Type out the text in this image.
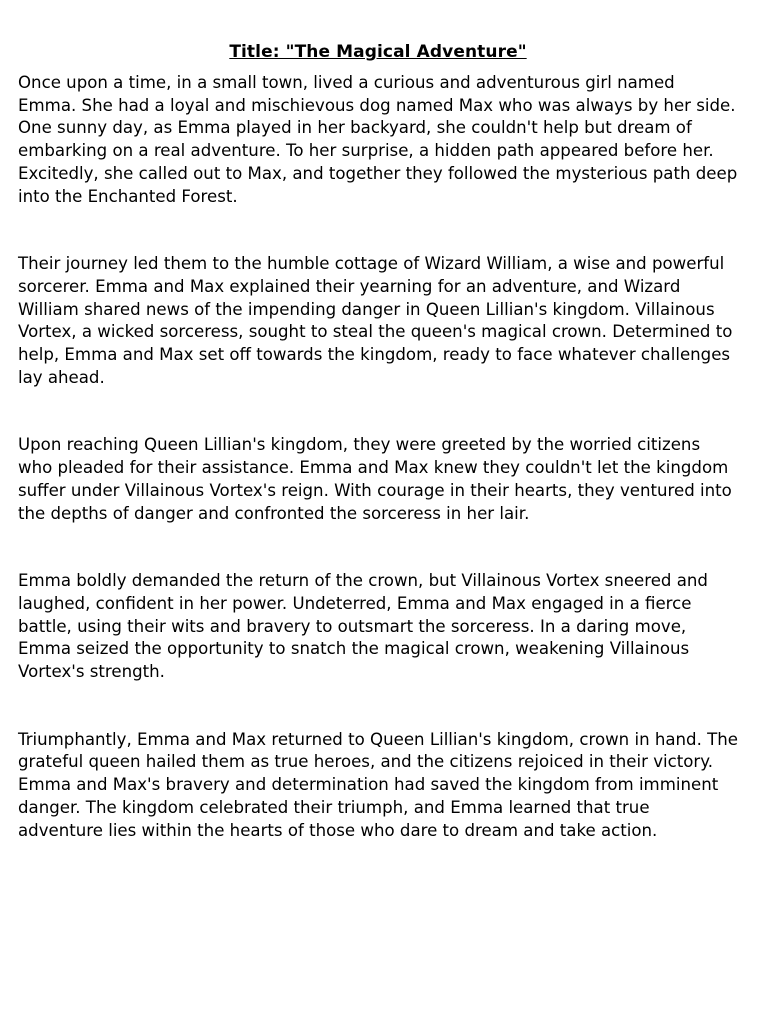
Title: "The Magical Adventure"

Once upon a time, in a small town, lived a curious and adventurous girl named Emma. She had a loyal and mischievous dog named Max who was always by her side. One sunny day, as Emma played in her backyard, she couldn't help but dream of embarking on a real adventure. To her surprise, a hidden path appeared before her. Excitedly, she called out to Max, and together they followed the mysterious path deep into the Enchanted Forest.

Their journey led them to the humble cottage of Wizard William, a wise and powerful sorcerer. Emma and Max explained their yearning for an adventure, and Wizard William shared news of the impending danger in Queen Lillian's kingdom. Villainous Vortex, a wicked sorceress, sought to steal the queen's magical crown. Determined to help, Emma and Max set off towards the kingdom, ready to face whatever challenges lay ahead.

Upon reaching Queen Lillian's kingdom, they were greeted by the worried citizens who pleaded for their assistance. Emma and Max knew they couldn't let the kingdom suffer under Villainous Vortex's reign. With courage in their hearts, they ventured into the depths of danger and confronted the sorceress in her lair.

Emma boldly demanded the return of the crown, but Villainous Vortex sneered and laughed, confident in her power. Undeterred, Emma and Max engaged in a fierce battle, using their wits and bravery to outsmart the sorceress. In a daring move, Emma seized the opportunity to snatch the magical crown, weakening Villainous Vortex's strength.

Triumphantly, Emma and Max returned to Queen Lillian's kingdom, crown in hand. The grateful queen hailed them as true heroes, and the citizens rejoiced in their victory. Emma and Max's bravery and determination had saved the kingdom from imminent danger. The kingdom celebrated their triumph, and Emma learned that true adventure lies within the hearts of those who dare to dream and take action.
